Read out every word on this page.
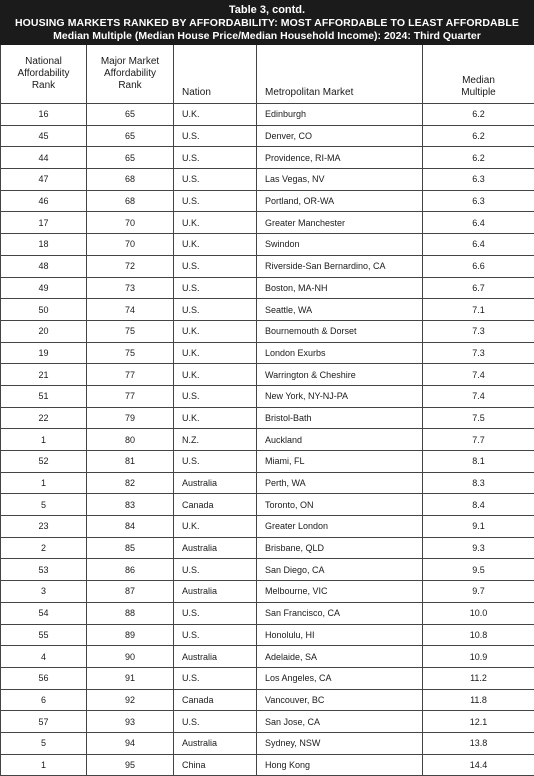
Table 3, contd.
HOUSING MARKETS RANKED BY AFFORDABILITY: MOST AFFORDABLE TO LEAST AFFORDABLE
Median Multiple (Median House Price/Median Household Income): 2024: Third Quarter
National
Affordability
Rank	Major Market
Affordability
Rank	Nation	Metropolitan Market	Median
Multiple
16	65	U.K.	Edinburgh	6.2
45	65	U.S.	Denver, CO	6.2
44	65	U.S.	Providence, RI-MA	6.2
47	68	U.S.	Las Vegas, NV	6.3
46	68	U.S.	Portland, OR-WA	6.3
17	70	U.K.	Greater Manchester	6.4
18	70	U.K.	Swindon	6.4
48	72	U.S.	Riverside-San Bernardino, CA	6.6
49	73	U.S.	Boston, MA-NH	6.7
50	74	U.S.	Seattle, WA	7.1
20	75	U.K.	Bournemouth & Dorset	7.3
19	75	U.K.	London Exurbs	7.3
21	77	U.K.	Warrington & Cheshire	7.4
51	77	U.S.	New York, NY-NJ-PA	7.4
22	79	U.K.	Bristol-Bath	7.5
1	80	N.Z.	Auckland	7.7
52	81	U.S.	Miami, FL	8.1
1	82	Australia	Perth, WA	8.3
5	83	Canada	Toronto, ON	8.4
23	84	U.K.	Greater London	9.1
2	85	Australia	Brisbane, QLD	9.3
53	86	U.S.	San Diego, CA	9.5
3	87	Australia	Melbourne, VIC	9.7
54	88	U.S.	San Francisco, CA	10.0
55	89	U.S.	Honolulu, HI	10.8
4	90	Australia	Adelaide, SA	10.9
56	91	U.S.	Los Angeles, CA	11.2
6	92	Canada	Vancouver, BC	11.8
57	93	U.S.	San Jose, CA	12.1
5	94	Australia	Sydney, NSW	13.8
1	95	China	Hong Kong	14.4
